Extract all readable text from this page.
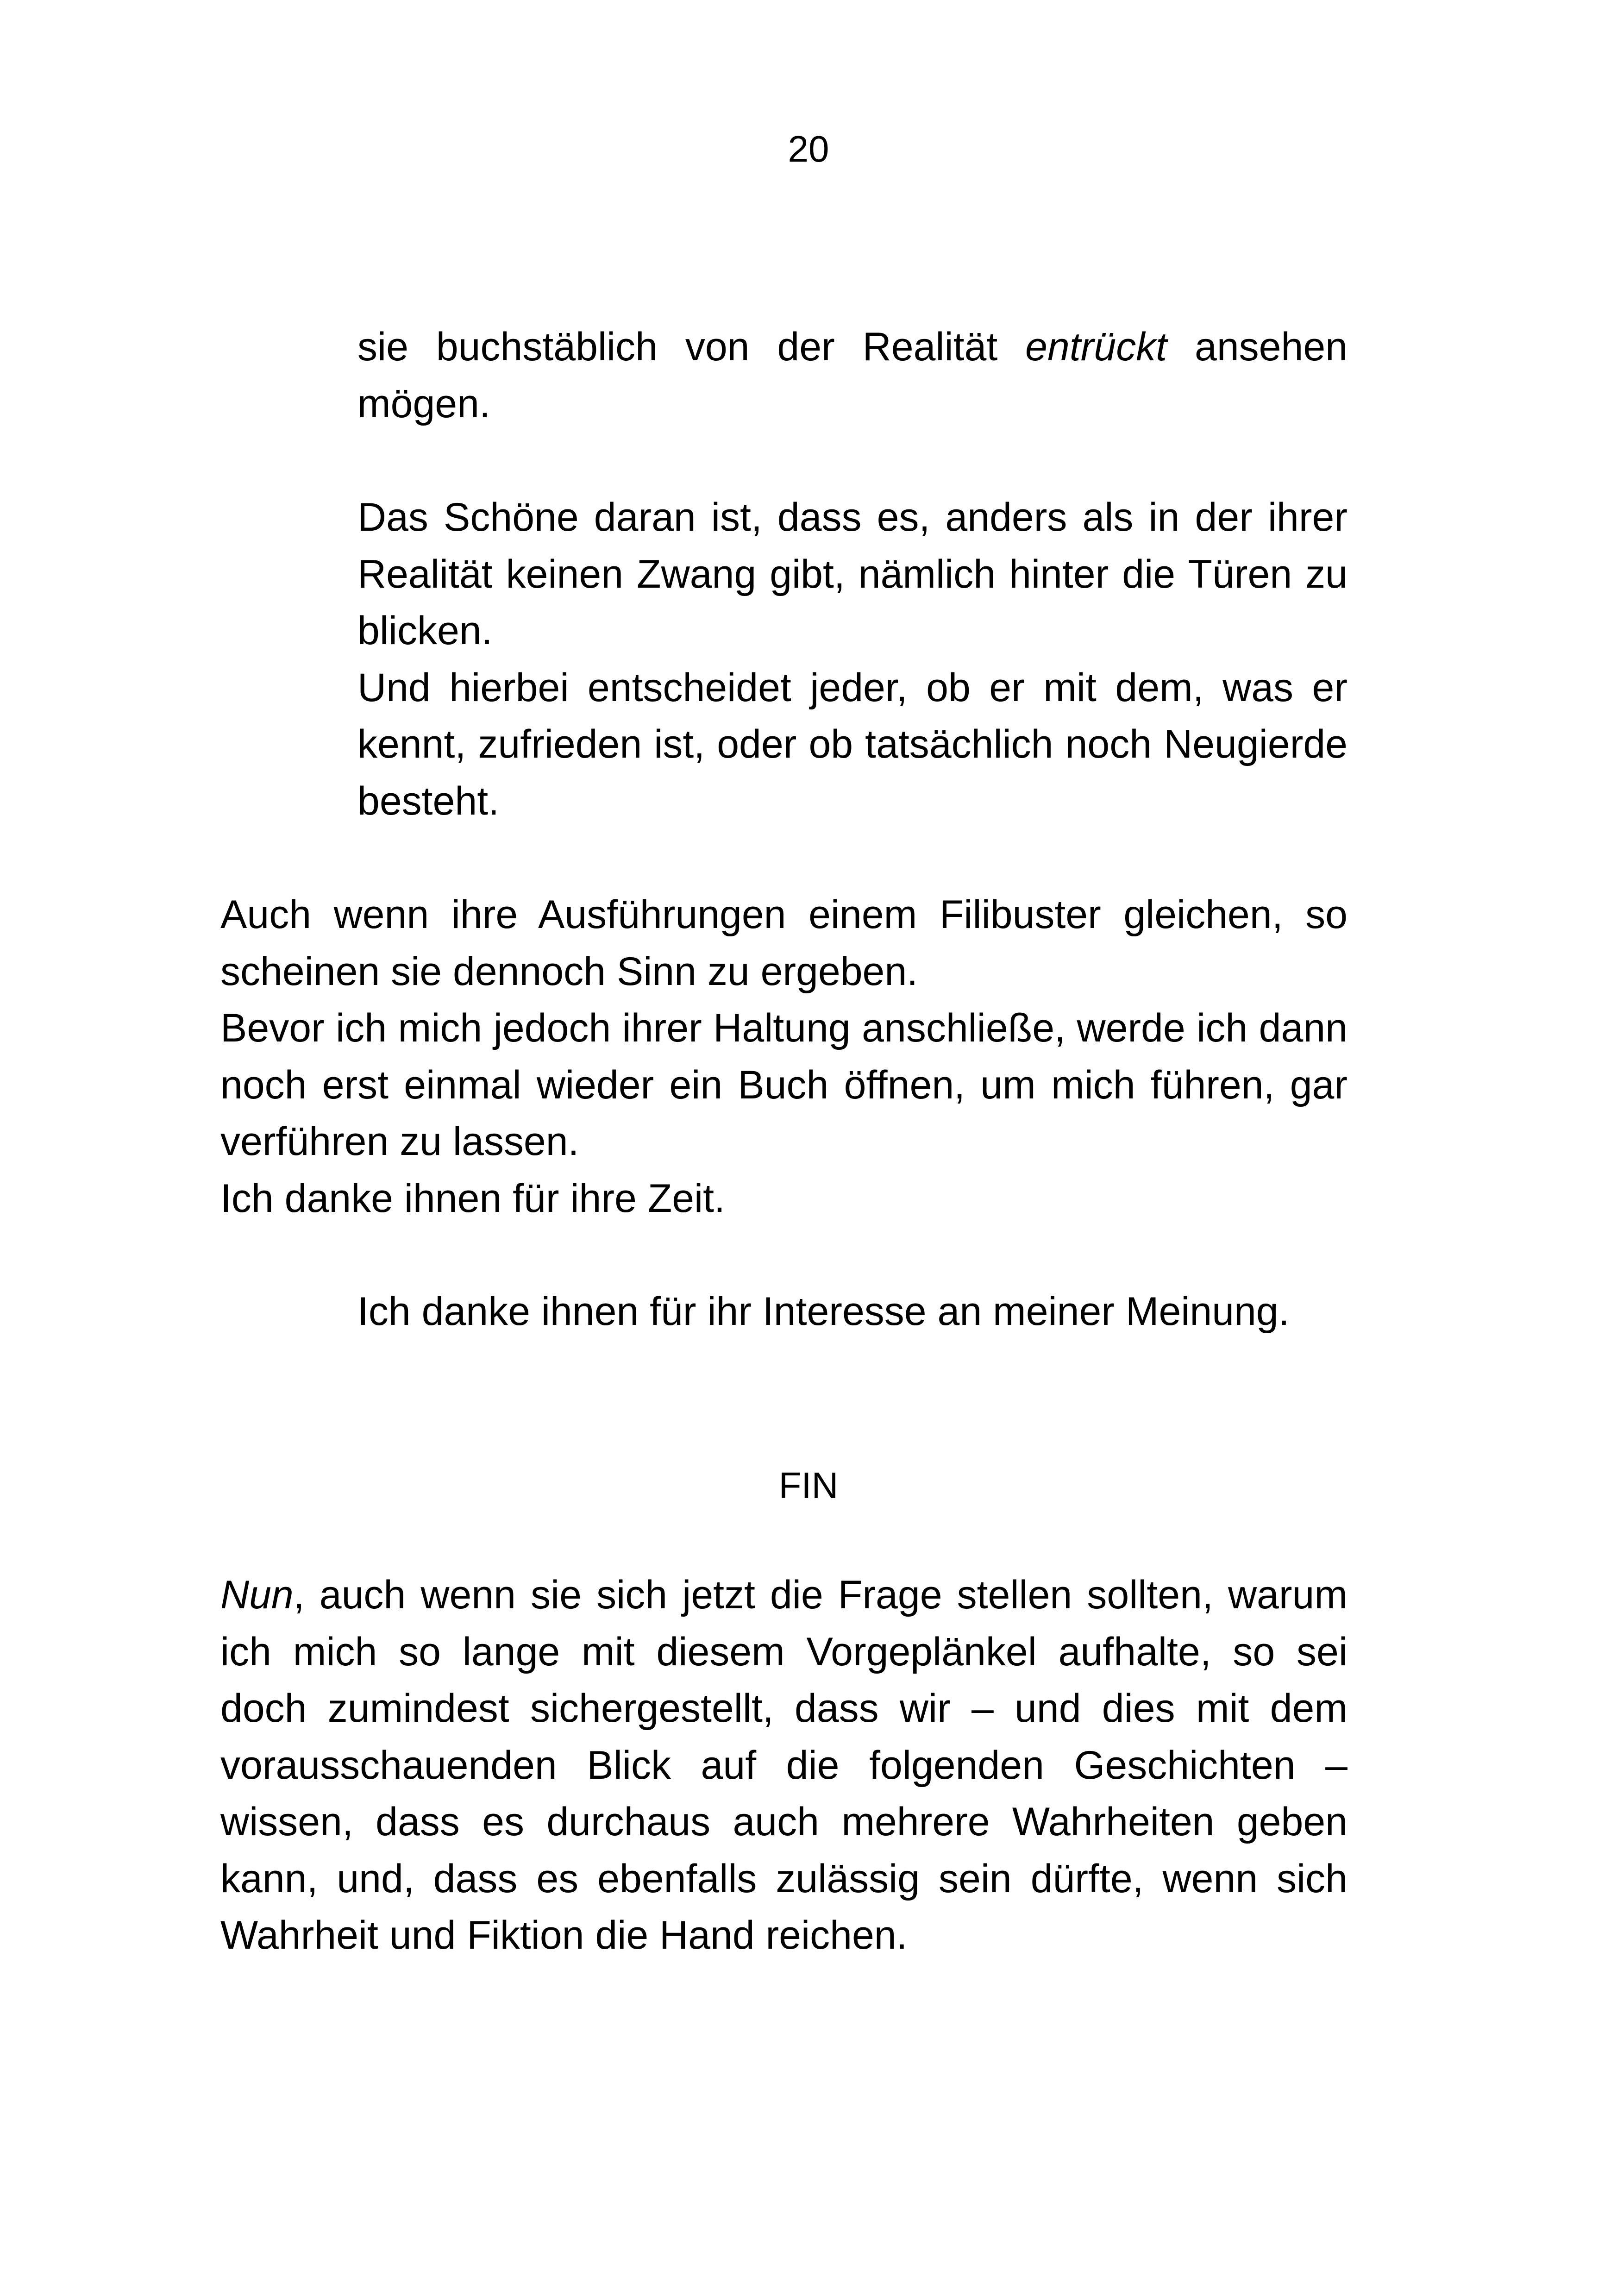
20

sie buchstäblich von der Realität entrückt ansehen mögen.

Das Schöne daran ist, dass es, anders als in der ihrer Realität keinen Zwang gibt, nämlich hinter die Türen zu blicken.
Und hierbei entscheidet jeder, ob er mit dem, was er kennt, zufrieden ist, oder ob tatsächlich noch Neugierde besteht.

Auch wenn ihre Ausführungen einem Filibuster gleichen, so scheinen sie dennoch Sinn zu ergeben.
Bevor ich mich jedoch ihrer Haltung anschließe, werde ich dann noch erst einmal wieder ein Buch öffnen, um mich führen, gar verführen zu lassen.
Ich danke ihnen für ihre Zeit.

Ich danke ihnen für ihr Interesse an meiner Meinung.

FIN

Nun, auch wenn sie sich jetzt die Frage stellen sollten, warum ich mich so lange mit diesem Vorgeplänkel aufhalte, so sei doch zumindest sichergestellt, dass wir – und dies mit dem vorausschauenden Blick auf die folgenden Geschichten – wissen, dass es durchaus auch mehrere Wahrheiten geben kann, und, dass es ebenfalls zulässig sein dürfte, wenn sich Wahrheit und Fiktion die Hand reichen.
